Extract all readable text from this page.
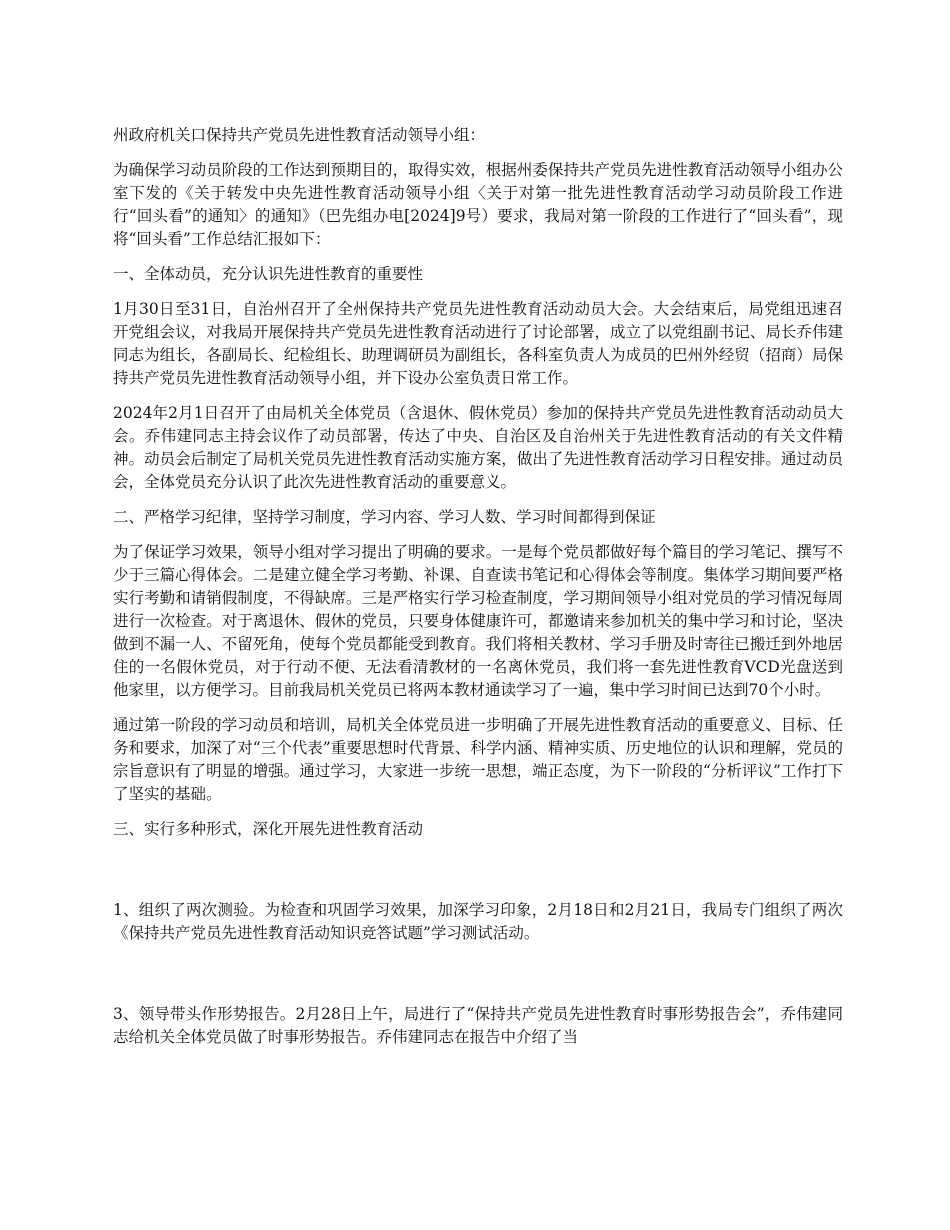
州政府机关口保持共产党员先进性教育活动领导小组：

为确保学习动员阶段的工作达到预期目的，取得实效，根据州委保持共产党员先进性教育活动领导小组办公室下发的《关于转发中央先进性教育活动领导小组〈关于对第一批先进性教育活动学习动员阶段工作进行“回头看”的通知〉的通知》（巴先组办电[2024]9号）要求，我局对第一阶段的工作进行了“回头看”，现将“回头看”工作总结汇报如下：

一、全体动员，充分认识先进性教育的重要性

1月30日至31日，自治州召开了全州保持共产党员先进性教育活动动员大会。大会结束后，局党组迅速召开党组会议，对我局开展保持共产党员先进性教育活动进行了讨论部署，成立了以党组副书记、局长乔伟建同志为组长，各副局长、纪检组长、助理调研员为副组长，各科室负责人为成员的巴州外经贸（招商）局保持共产党员先进性教育活动领导小组，并下设办公室负责日常工作。

2024年2月1日召开了由局机关全体党员（含退休、假休党员）参加的保持共产党员先进性教育活动动员大会。乔伟建同志主持会议作了动员部署，传达了中央、自治区及自治州关于先进性教育活动的有关文件精神。动员会后制定了局机关党员先进性教育活动实施方案，做出了先进性教育活动学习日程安排。通过动员会，全体党员充分认识了此次先进性教育活动的重要意义。

二、严格学习纪律，坚持学习制度，学习内容、学习人数、学习时间都得到保证

为了保证学习效果，领导小组对学习提出了明确的要求。一是每个党员都做好每个篇目的学习笔记、撰写不少于三篇心得体会。二是建立健全学习考勤、补课、自查读书笔记和心得体会等制度。集体学习期间要严格实行考勤和请销假制度，不得缺席。三是严格实行学习检查制度，学习期间领导小组对党员的学习情况每周进行一次检查。对于离退休、假休的党员，只要身体健康许可，都邀请来参加机关的集中学习和讨论，坚决做到不漏一人、不留死角，使每个党员都能受到教育。我们将相关教材、学习手册及时寄往已搬迁到外地居住的一名假休党员，对于行动不便、无法看清教材的一名离休党员，我们将一套先进性教育VCD光盘送到他家里，以方便学习。目前我局机关党员已将两本教材通读学习了一遍，集中学习时间已达到70个小时。

通过第一阶段的学习动员和培训，局机关全体党员进一步明确了开展先进性教育活动的重要意义、目标、任务和要求，加深了对“三个代表”重要思想时代背景、科学内涵、精神实质、历史地位的认识和理解，党员的宗旨意识有了明显的增强。通过学习，大家进一步统一思想，端正态度，为下一阶段的“分析评议”工作打下了坚实的基础。

三、实行多种形式，深化开展先进性教育活动

1、组织了两次测验。为检查和巩固学习效果，加深学习印象，2月18日和2月21日，我局专门组织了两次《保持共产党员先进性教育活动知识竞答试题”学习测试活动。

3、领导带头作形势报告。2月28日上午，局进行了“保持共产党员先进性教育时事形势报告会”，乔伟建同志给机关全体党员做了时事形势报告。乔伟建同志在报告中介绍了当
